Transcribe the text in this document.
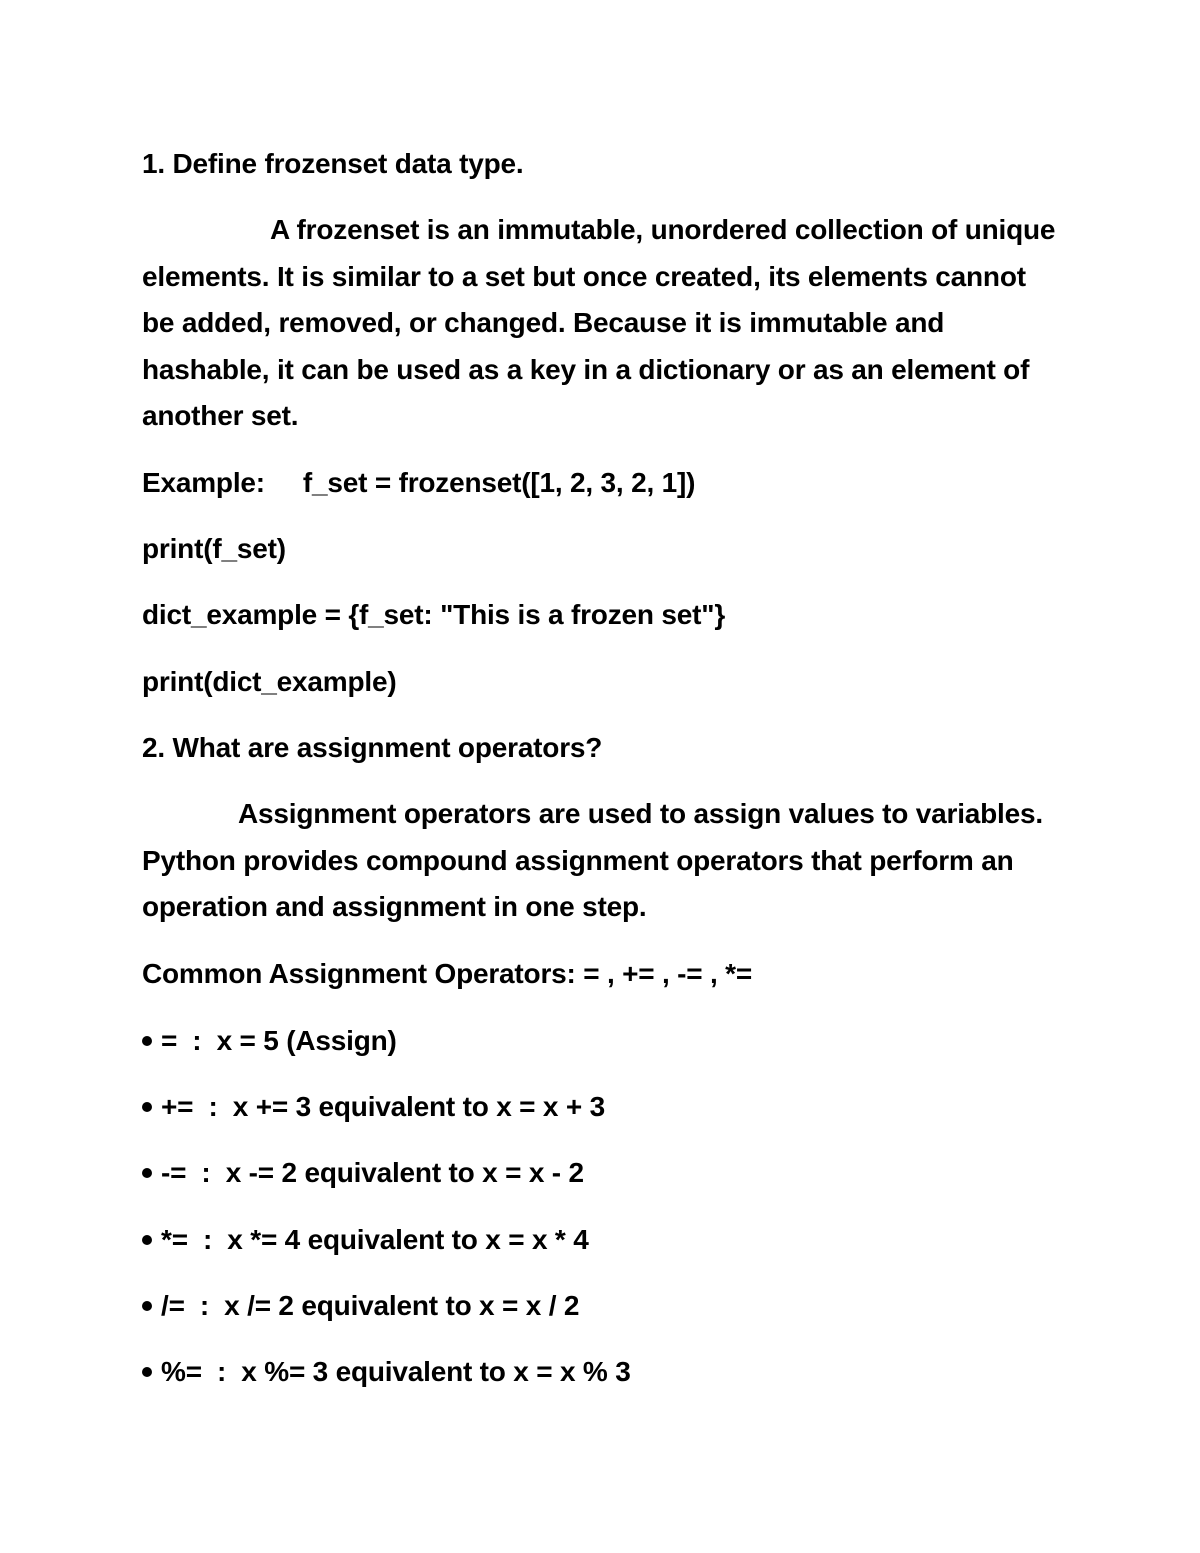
1. Define frozenset data type.
A frozenset is an immutable, unordered collection of unique elements. It is similar to a set but once created, its elements cannot be added, removed, or changed. Because it is immutable and hashable, it can be used as a key in a dictionary or as an element of another set.
Example: f_set = frozenset([1, 2, 3, 2, 1])
print(f_set)
dict_example = {f_set: "This is a frozen set"}
print(dict_example)
2. What are assignment operators?
Assignment operators are used to assign values to variables. Python provides compound assignment operators that perform an operation and assignment in one step.
Common Assignment Operators: = , += , -= , *=
=  :  x = 5 (Assign)
+=  :  x += 3 equivalent to x = x + 3
-=  :  x -= 2 equivalent to x = x - 2
*=  :  x *= 4 equivalent to x = x * 4
/=  :  x /= 2 equivalent to x = x / 2
%=  :  x %= 3 equivalent to x = x % 3
